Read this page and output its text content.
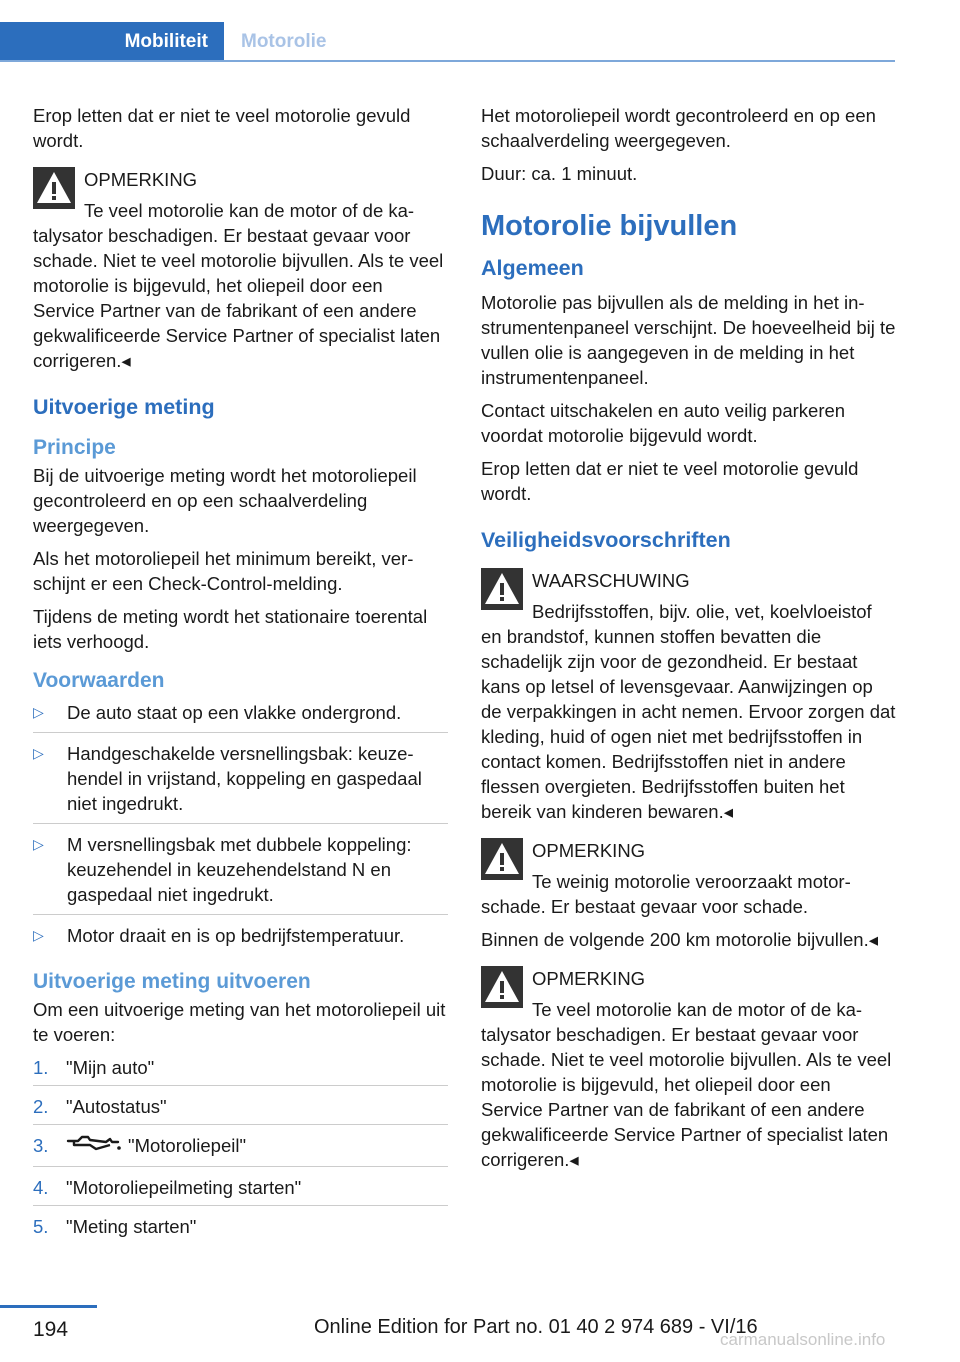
Mobiliteit	Motorolie

Erop letten dat er niet te veel motorolie gevuld wordt.

OPMERKING
Te veel motorolie kan de motor of de katalysator beschadigen. Er bestaat gevaar voor schade. Niet te veel motorolie bijvullen. Als te veel motorolie is bijgevuld, het oliepeil door een Service Partner van de fabrikant of een andere gekwalificeerde Service Partner of specialist laten corrigeren.◂
Uitvoerige meting
Principe

Bij de uitvoerige meting wordt het motoroliepeil gecontroleerd en op een schaalverdeling weergegeven.

Als het motoroliepeil het minimum bereikt, verschijnt er een Check-Control-melding.

Tijdens de meting wordt het stationaire toerental iets verhoogd.

Voorwaarden
▷ De auto staat op een vlakke ondergrond.
▷ Handgeschakelde versnellingsbak: keuzehendel in vrijstand, koppeling en gaspedaal niet ingedrukt.
▷ M versnellingsbak met dubbele koppeling: keuzehendel in keuzehendelstand N en gaspedaal niet ingedrukt.
▷ Motor draait en is op bedrijfstemperatuur.
Uitvoerige meting uitvoeren

Om een uitvoerige meting van het motoroliepeil uit te voeren:

1. "Mijn auto"
2. "Autostatus"
3.	"Motoroliepeil"
4. "Motoroliepeilmeting starten"
5. "Meting starten"

Het motoroliepeil wordt gecontroleerd en op een schaalverdeling weergegeven.

Duur: ca. 1 minuut.

Motorolie bijvullen
Algemeen

Motorolie pas bijvullen als de melding in het instrumentenpaneel verschijnt. De hoeveelheid bij te vullen olie is aangegeven in de melding in het instrumentenpaneel.

Contact uitschakelen en auto veilig parkeren voordat motorolie bijgevuld wordt.

Erop letten dat er niet te veel motorolie gevuld wordt.

Veiligheidsvoorschriften
WAARSCHUWING
Bedrijfsstoffen, bijv. olie, vet, koelvloeistof en brandstof, kunnen stoffen bevatten die schadelijk zijn voor de gezondheid. Er bestaat kans op letsel of levensgevaar. Aanwijzingen op de verpakkingen in acht nemen. Ervoor zorgen dat kleding, huid of ogen niet met bedrijfsstoffen in contact komen. Bedrijfsstoffen niet in andere flessen overgieten. Bedrijfsstoffen buiten het bereik van kinderen bewaren.◂
OPMERKING
Te weinig motorolie veroorzaakt motorschade. Er bestaat gevaar voor schade.

Binnen de volgende 200 km motorolie bijvullen.◂

OPMERKING
Te veel motorolie kan de motor of de katalysator beschadigen. Er bestaat gevaar voor schade. Niet te veel motorolie bijvullen. Als te veel motorolie is bijgevuld, het oliepeil door een Service Partner van de fabrikant of een andere gekwalificeerde Service Partner of specialist laten corrigeren.◂
194	Online Edition for Part no. 01 40 2 974 689 - VI/16
carmanualsonline.info
